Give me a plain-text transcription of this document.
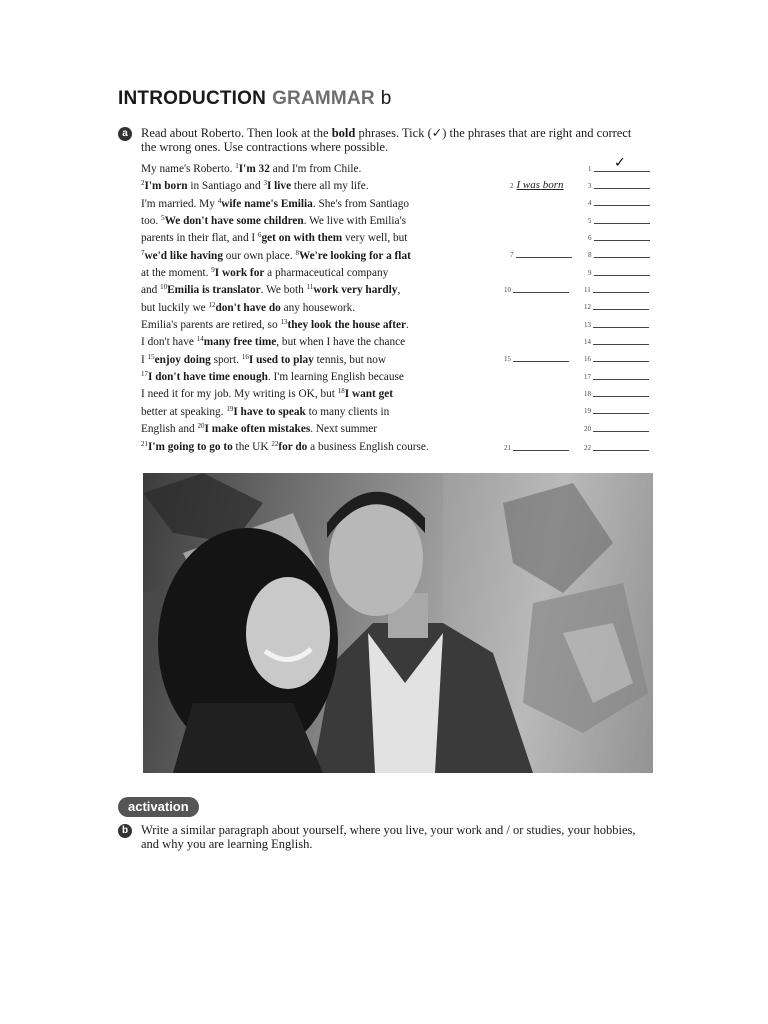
INTRODUCTION GRAMMAR b
a	Read about Roberto. Then look at the bold phrases. Tick (✓) the phrases that are right and correct the wrong ones. Use contractions where possible.
My name's Roberto. $^1$I'm 32 and I'm from Chile.
$^2$I'm born in Santiago and $^3$I live there all my life.
I'm married. My $^4$wife name's Emilia. She's from Santiago
too. $^5$We don't have some children. We live with Emilia's
parents in their flat, and I $^6$get on with them very well, but
$^7$we'd like having our own place. $^8$We're looking for a flat
at the moment. $^9$I work for a pharmaceutical company
and $^{10}$Emilia is translator. We both $^{11}$work very hardly,
but luckily we $^{12}$don't have do any housework.
Emilia's parents are retired, so $^{13}$they look the house after.
I don't have $^{14}$many free time, but when I have the chance
I $^{15}$enjoy doing sport. $^{16}$I used to play tennis, but now
$^{17}$I don't have time enough. I'm learning English because
I need it for my job. My writing is OK, but $^{18}$I want get
better at speaking. $^{19}$I have to speak to many clients in
English and $^{20}$I make often mistakes. Next summer
$^{21}$I'm going to go to the UK $^{22}$for do a business English course.
1 ✓
2 I was born	3
4
5
6
7	8
9
10	11
12
13
14
15	16
17
18
19
20
21	22
activation
b	Write a similar paragraph about yourself, where you live, your work and / or studies, your hobbies, and why you are learning English.
